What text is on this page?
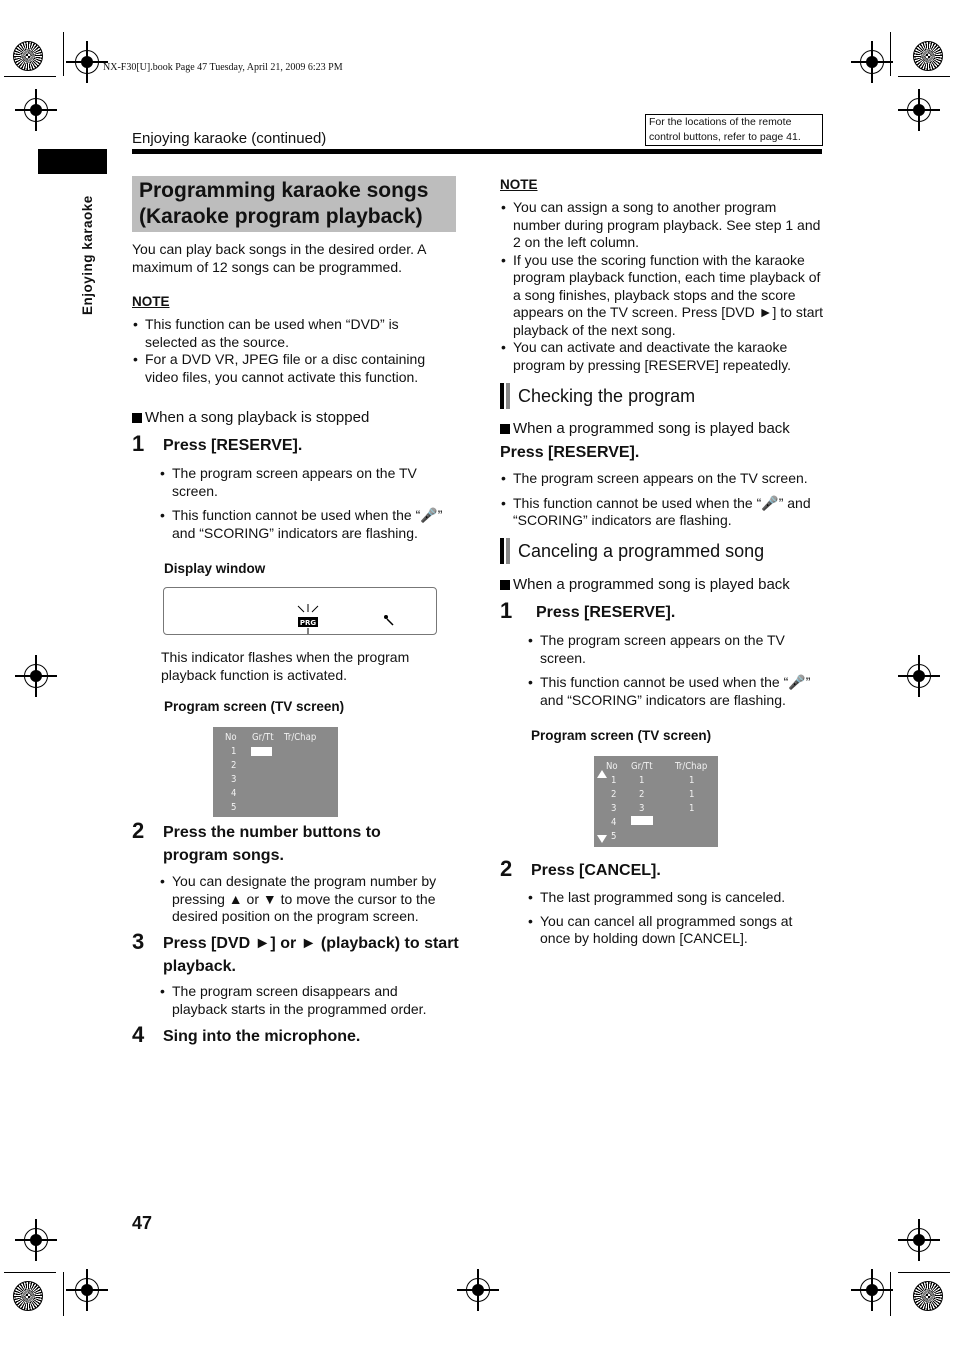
NX-F30[U].book Page 47 Tuesday, April 21, 2009 6:23 PM
Enjoying karaoke (continued)
For the locations of the remote
control buttons, refer to page 41.
Enjoying karaoke
Programming karaoke songs
(Karaoke program playback)
You can play back songs in the desired order. A maximum of 12 songs can be programmed.
NOTE
• This function can be used when “DVD” is selected as the source.
• For a DVD VR, JPEG file or a disc containing video files, you cannot activate this function.
When a song playback is stopped
1 Press [RESERVE].
• The program screen appears on the TV screen.
• This function cannot be used when the “🎤” and “SCORING” indicators are flashing.
Display window
PRG
This indicator flashes when the program playback function is activated.
Program screen (TV screen)
No Gr/Tt Tr/Chap
1
2
3
4
5
2 Press the number buttons to program songs.
• You can designate the program number by pressing ▲ or ▼ to move the cursor to the desired position on the program screen.
3 Press [DVD ►] or ► (playback) to start playback.
• The program screen disappears and playback starts in the programmed order.
4 Sing into the microphone.
NOTE
• You can assign a song to another program number during program playback. See step 1 and 2 on the left column.
• If you use the scoring function with the karaoke program playback function, each time playback of a song finishes, playback stops and the score appears on the TV screen. Press [DVD ►] to start playback of the next song.
• You can activate and deactivate the karaoke program by pressing [RESERVE] repeatedly.
Checking the program
When a programmed song is played back
Press [RESERVE].
• The program screen appears on the TV screen.
• This function cannot be used when the “🎤” and “SCORING” indicators are flashing.
Canceling a programmed song
When a programmed song is played back
1 Press [RESERVE].
• The program screen appears on the TV screen.
• This function cannot be used when the “🎤” and “SCORING” indicators are flashing.
Program screen (TV screen)
No Gr/Tt Tr/Chap
1
2
3
4
5
1
2
3
1
1
1
2 Press [CANCEL].
• The last programmed song is canceled.
• You can cancel all programmed songs at once by holding down [CANCEL].
47
